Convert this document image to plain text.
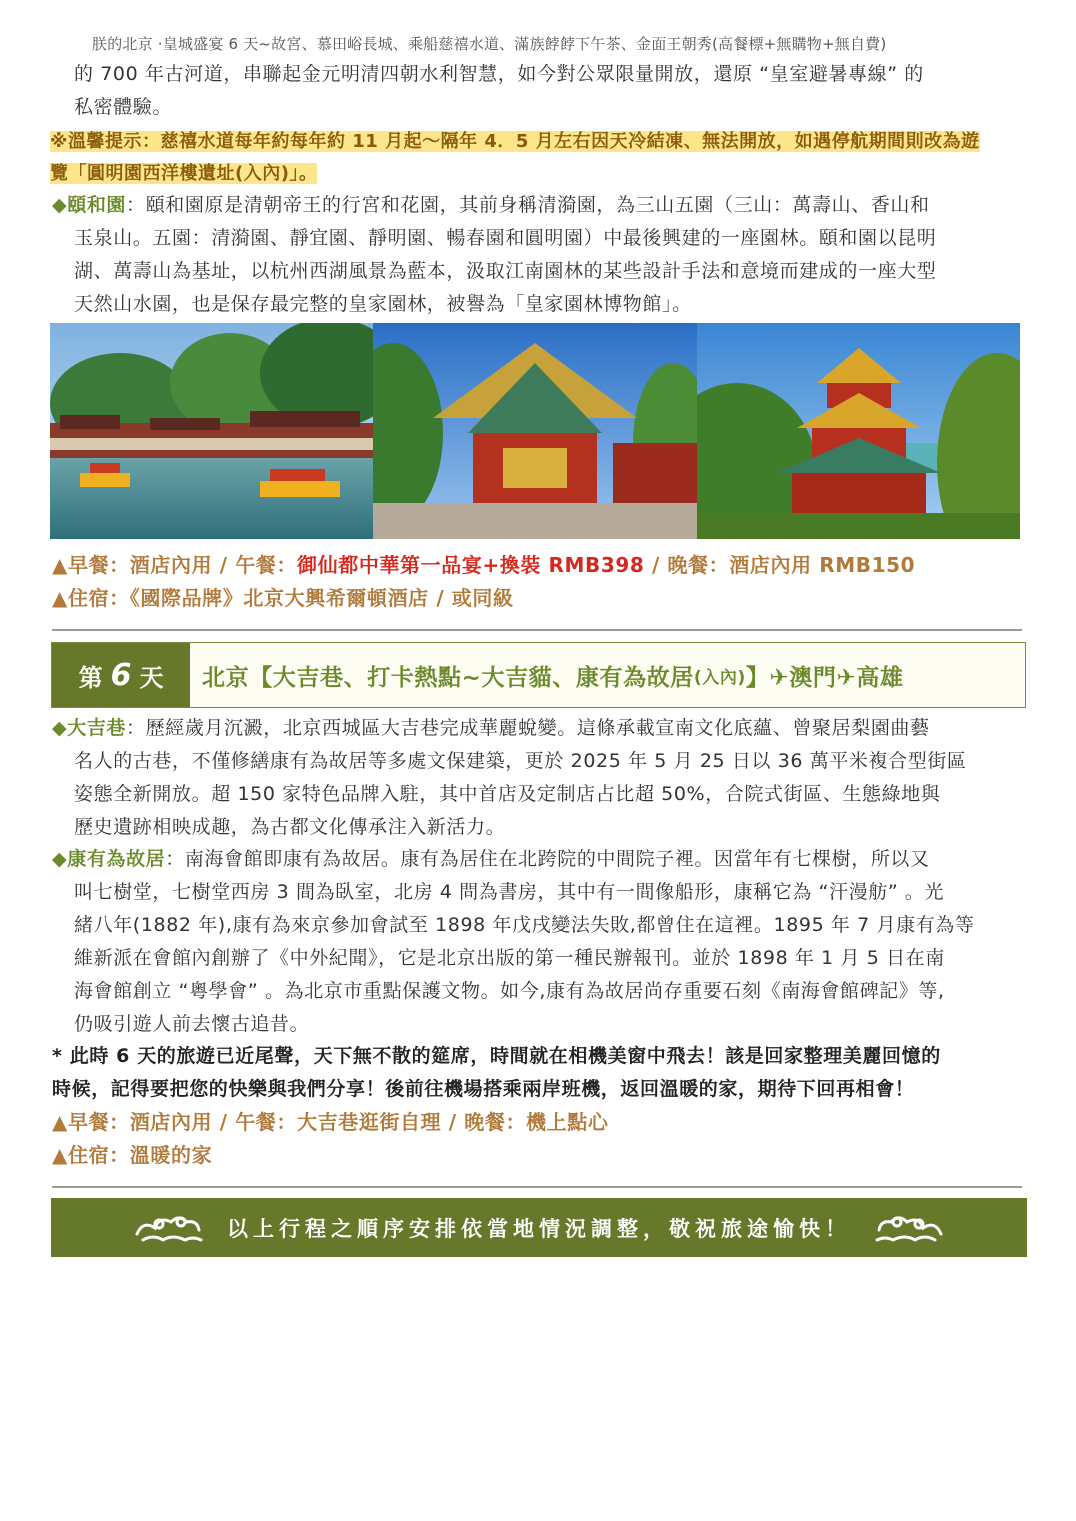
朕的北京 ‧皇城盛宴 6 天~故宮、慕田峪長城、乘船慈禧水道、滿族餑餑下午茶、金面王朝秀(高餐標+無購物+無自費)
的 700 年古河道，串聯起金元明清四朝水利智慧，如今對公眾限量開放，還原 “皇室避暑專線” 的
私密體驗。
※溫馨提示：慈禧水道每年約每年約 11 月起～隔年 4．5 月左右因天冷結凍、無法開放，如遇停航期間則改為遊
覽「圓明園西洋樓遺址(入內)」。
◆頤和園：頤和園原是清朝帝王的行宮和花園，其前身稱清漪園，為三山五園（三山：萬壽山、香山和
玉泉山。五園：清漪園、靜宜園、靜明園、暢春園和圓明園）中最後興建的一座園林。頤和園以昆明
湖、萬壽山為基址，以杭州西湖風景為藍本，汲取江南園林的某些設計手法和意境而建成的一座大型
天然山水園，也是保存最完整的皇家園林，被譽為「皇家園林博物館」。
▲早餐：酒店內用 / 午餐：御仙都中華第一品宴+換裝 RMB398 / 晚餐：酒店內用 RMB150
▲住宿：《國際品牌》北京大興希爾頓酒店 / 或同級
第 6 天 北京【大吉巷、打卡熱點~大吉貓、康有為故居 (入內) 】✈澳門✈高雄
◆大吉巷：歷經歲月沉澱，北京西城區大吉巷完成華麗蛻變。這條承載宣南文化底蘊、曾聚居梨園曲藝
名人的古巷，不僅修繕康有為故居等多處文保建築，更於 2025 年 5 月 25 日以 36 萬平米複合型街區
姿態全新開放。超 150 家特色品牌入駐，其中首店及定制店占比超 50%，合院式街區、生態綠地與
歷史遺跡相映成趣，為古都文化傳承注入新活力。
◆康有為故居：南海會館即康有為故居。康有為居住在北跨院的中間院子裡。因當年有七棵樹，所以又
叫七樹堂，七樹堂西房 3 間為臥室，北房 4 問為書房，其中有一間像船形，康稱它為 “汗漫舫” 。光
緒八年(1882 年),康有為來京參加會試至 1898 年戊戌變法失敗,都曾住在這裡。1895 年 7 月康有為等
維新派在會館內創辦了《中外紀聞》，它是北京出版的第一種民辦報刊。並於 1898 年 1 月 5 日在南
海會館創立 “粵學會” 。為北京市重點保護文物。如今,康有為故居尚存重要石刻《南海會館碑記》等,
仍吸引遊人前去懷古追昔。
* 此時 6 天的旅遊已近尾聲，天下無不散的筵席，時間就在相機美窗中飛去！該是回家整理美麗回憶的
時候，記得要把您的快樂與我們分享！後前往機場搭乘兩岸班機，返回溫暖的家，期待下回再相會！
▲早餐：酒店內用 / 午餐：大吉巷逛街自理 / 晚餐：機上點心
▲住宿：溫暖的家
以上行程之順序安排依當地情況調整，敬祝旅途愉快！
